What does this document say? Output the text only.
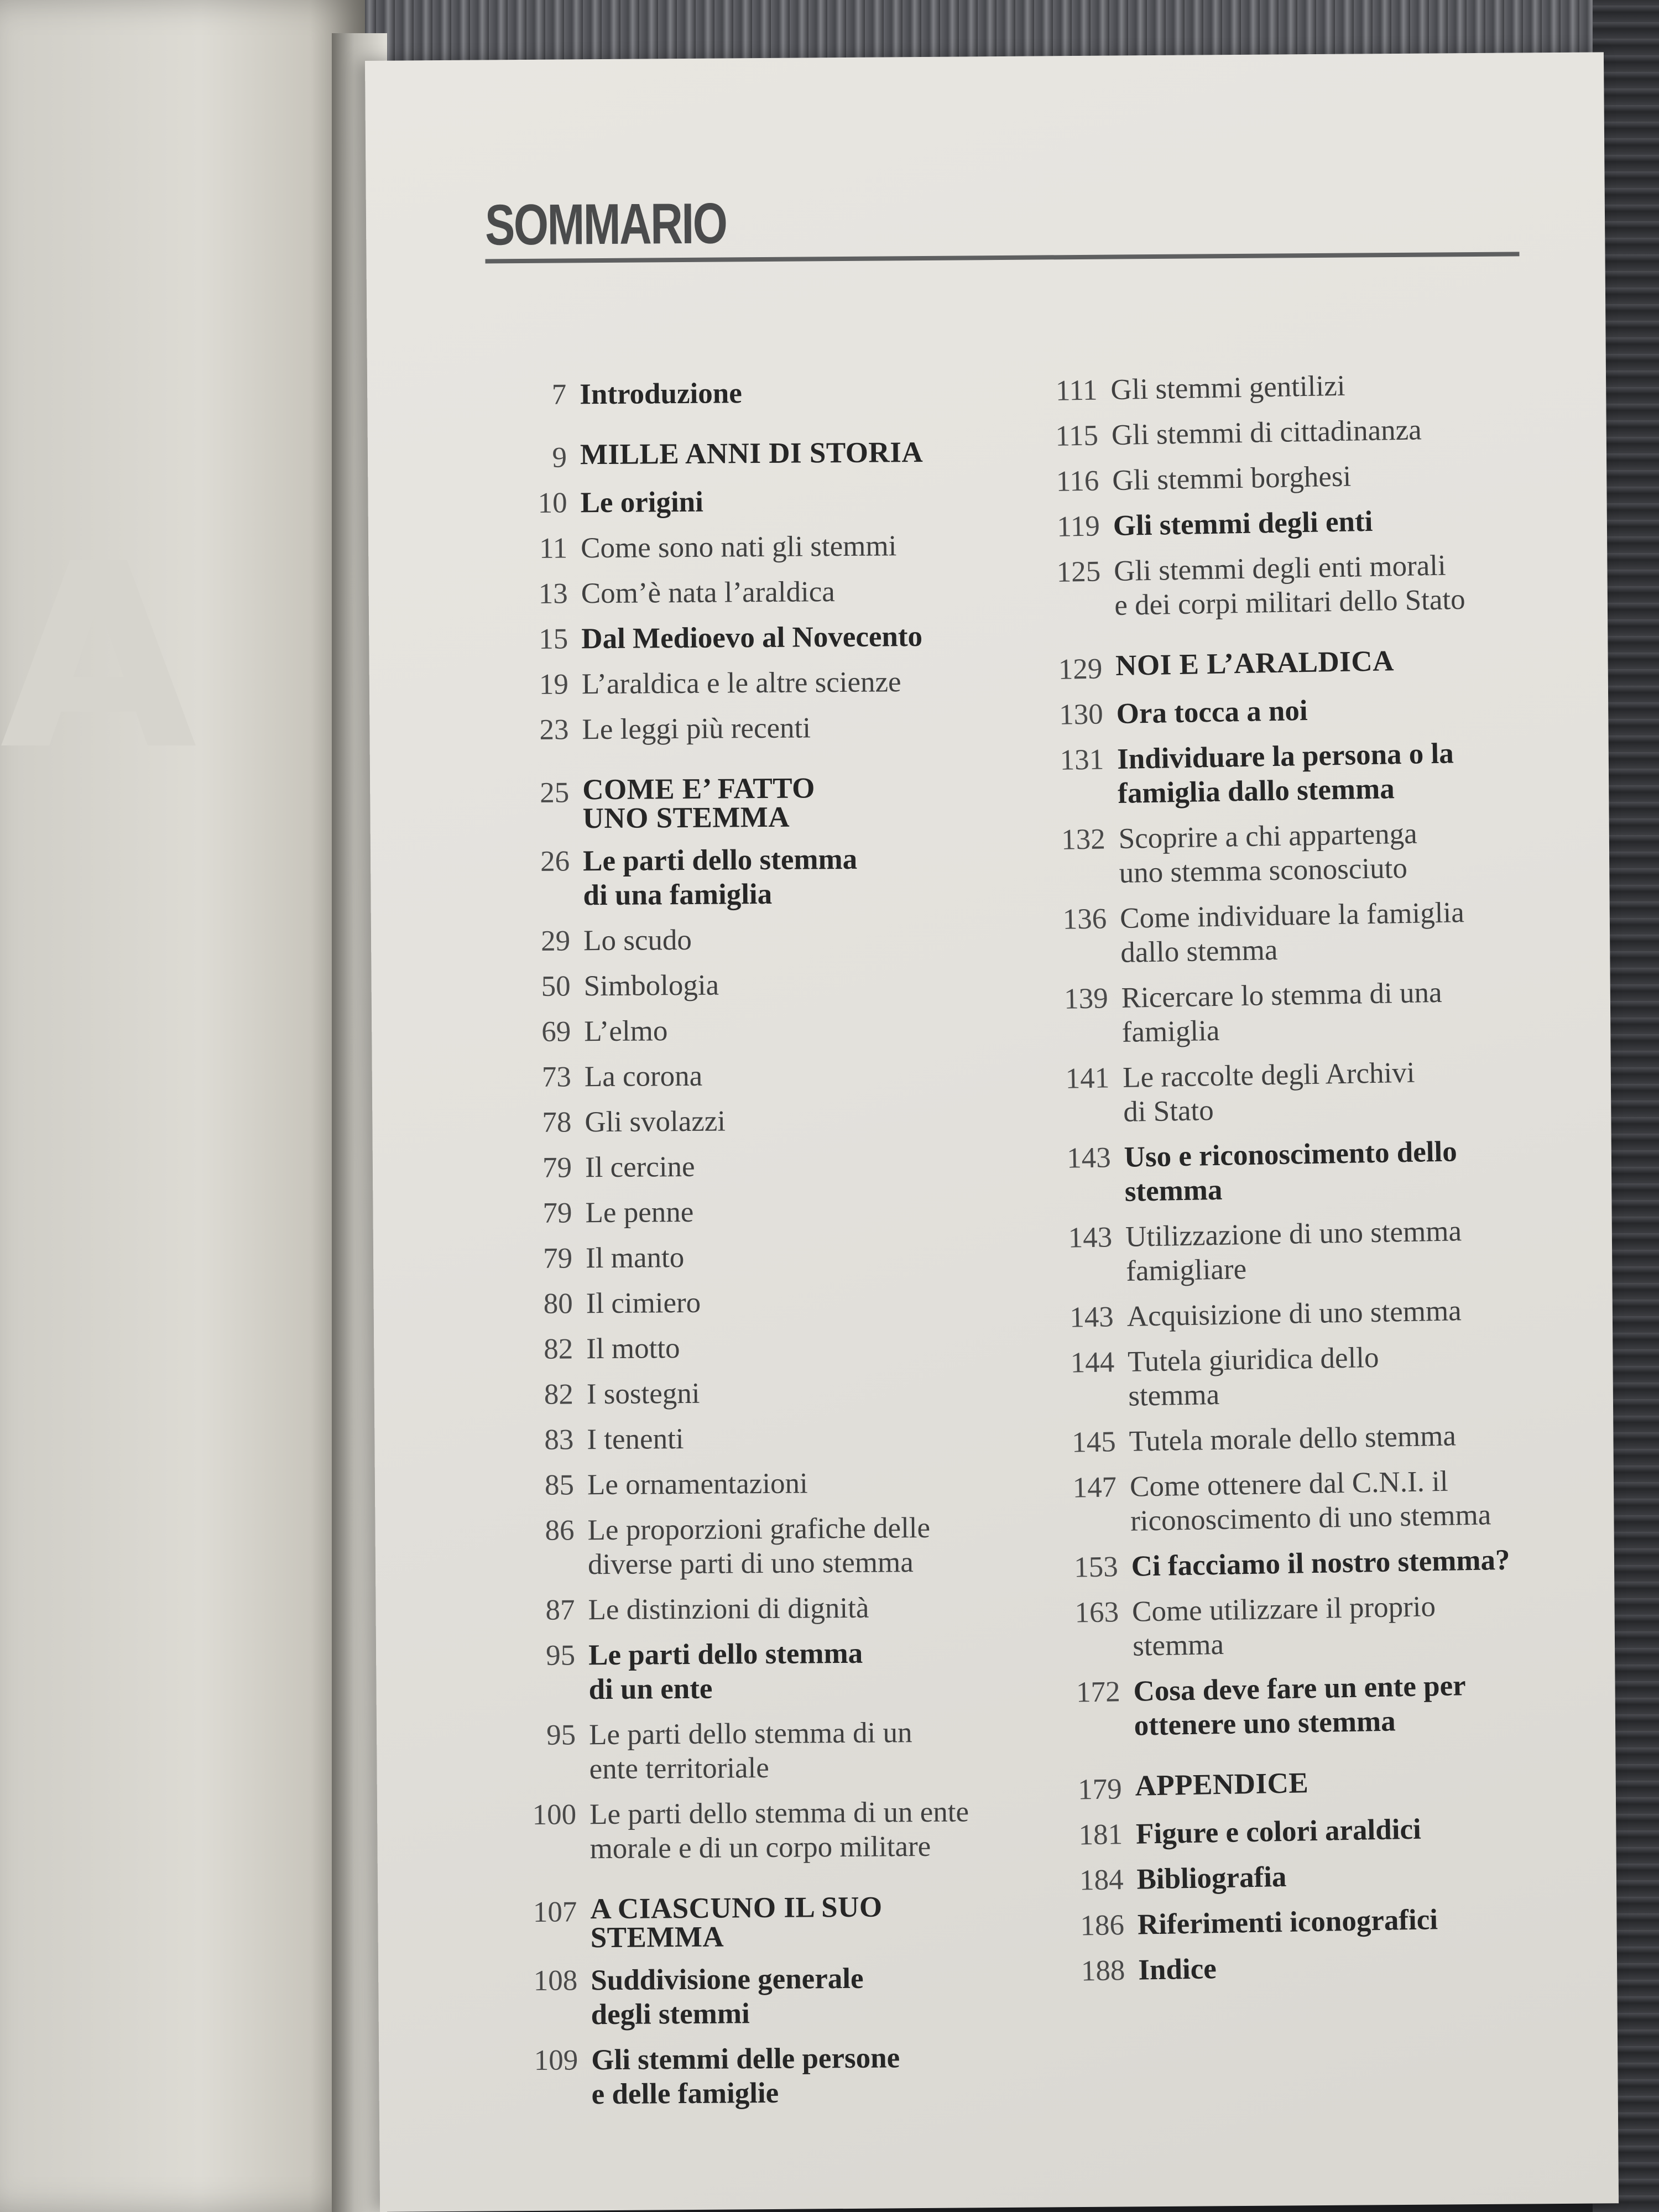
A
SOMMARIO
7 Introduzione
9 MILLE ANNI DI STORIA
10 Le origini
11 Come sono nati gli stemmi
13 Com’è nata l’araldica
15 Dal Medioevo al Novecento
19 L’araldica e le altre scienze
23 Le leggi più recenti
25 COME E’ FATTO
UNO STEMMA
26 Le parti dello stemma
di una famiglia
29 Lo scudo
50 Simbologia
69 L’elmo
73 La corona
78 Gli svolazzi
79 Il cercine
79 Le penne
79 Il manto
80 Il cimiero
82 Il motto
82 I sostegni
83 I tenenti
85 Le ornamentazioni
86 Le proporzioni grafiche delle
diverse parti di uno stemma
87 Le distinzioni di dignità
95 Le parti dello stemma
di un ente
95 Le parti dello stemma di un
ente territoriale
100 Le parti dello stemma di un ente
morale e di un corpo militare
107 A CIASCUNO IL SUO
STEMMA
108 Suddivisione generale
degli stemmi
109 Gli stemmi delle persone
e delle famiglie
111 Gli stemmi gentilizi
115 Gli stemmi di cittadinanza
116 Gli stemmi borghesi
119 Gli stemmi degli enti
125 Gli stemmi degli enti morali
e dei corpi militari dello Stato
129 NOI E L’ARALDICA
130 Ora tocca a noi
131 Individuare la persona o la
famiglia dallo stemma
132 Scoprire a chi appartenga
uno stemma sconosciuto
136 Come individuare la famiglia
dallo stemma
139 Ricercare lo stemma di una
famiglia
141 Le raccolte degli Archivi
di Stato
143 Uso e riconoscimento dello
stemma
143 Utilizzazione di uno stemma
famigliare
143 Acquisizione di uno stemma
144 Tutela giuridica dello
stemma
145 Tutela morale dello stemma
147 Come ottenere dal C.N.I. il
riconoscimento di uno stemma
153 Ci facciamo il nostro stemma?
163 Come utilizzare il proprio
stemma
172 Cosa deve fare un ente per
ottenere uno stemma
179 APPENDICE
181 Figure e colori araldici
184 Bibliografia
186 Riferimenti iconografici
188 Indice
